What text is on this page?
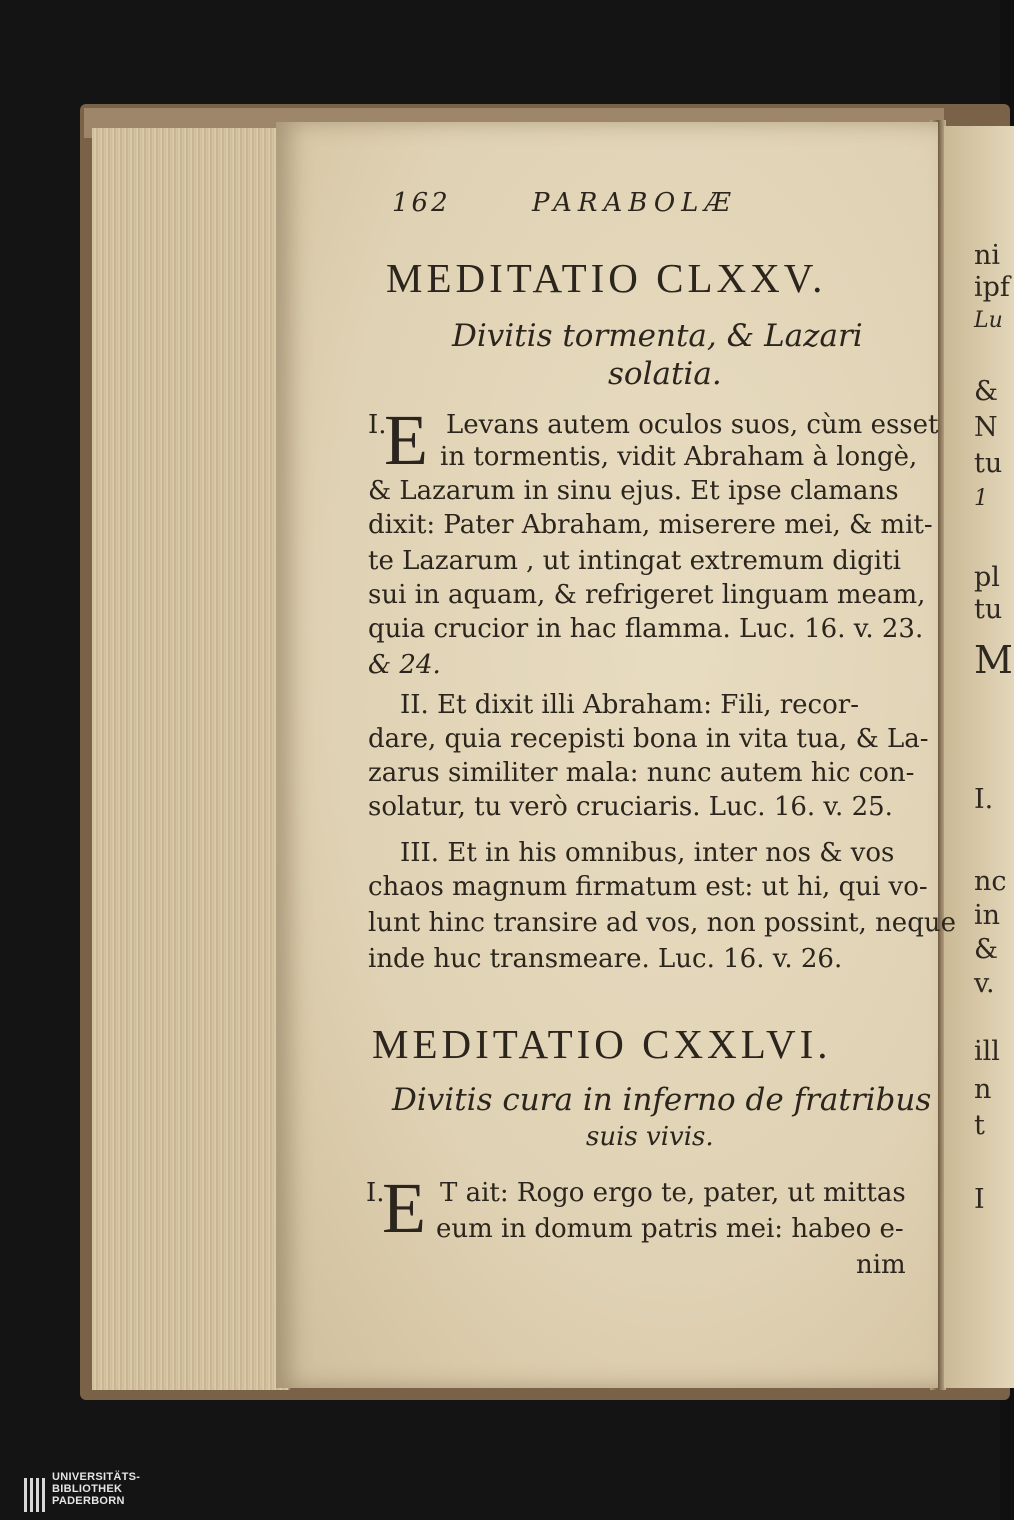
ni
ipf
Lu
&
N
tu
1
pl
tu
M
I.
nc
in
&
v.
ill
n
t
I
162	PARABOLÆ
MEDITATIO CLXXV.
Divitis tormenta, & Lazari
solatia.
I.
E Levans autem oculos suos, cùm esset
in tormentis, vidit Abraham à longè,
& Lazarum in sinu ejus. Et ipse clamans
dixit: Pater Abraham, miserere mei, & mit-
te Lazarum , ut intingat extremum digiti
sui in aquam, & refrigeret linguam meam,
quia crucior in hac flamma. Luc. 16. v. 23.
& 24.
II. Et dixit illi Abraham: Fili, recor-
dare, quia recepisti bona in vita tua, & La-
zarus similiter mala: nunc autem hic con-
solatur, tu verò cruciaris. Luc. 16. v. 25.
III. Et in his omnibus, inter nos & vos
chaos magnum firmatum est: ut hi, qui vo-
lunt hinc transire ad vos, non possint, neque
inde huc transmeare. Luc. 16. v. 26.
MEDITATIO CXXLVI.
Divitis cura in inferno de fratribus
suis vivis.
I.
E T ait: Rogo ergo te, pater, ut mittas
eum in domum patris mei: habeo e-
nim
UNIVERSITÄTS-
BIBLIOTHEK
PADERBORN
